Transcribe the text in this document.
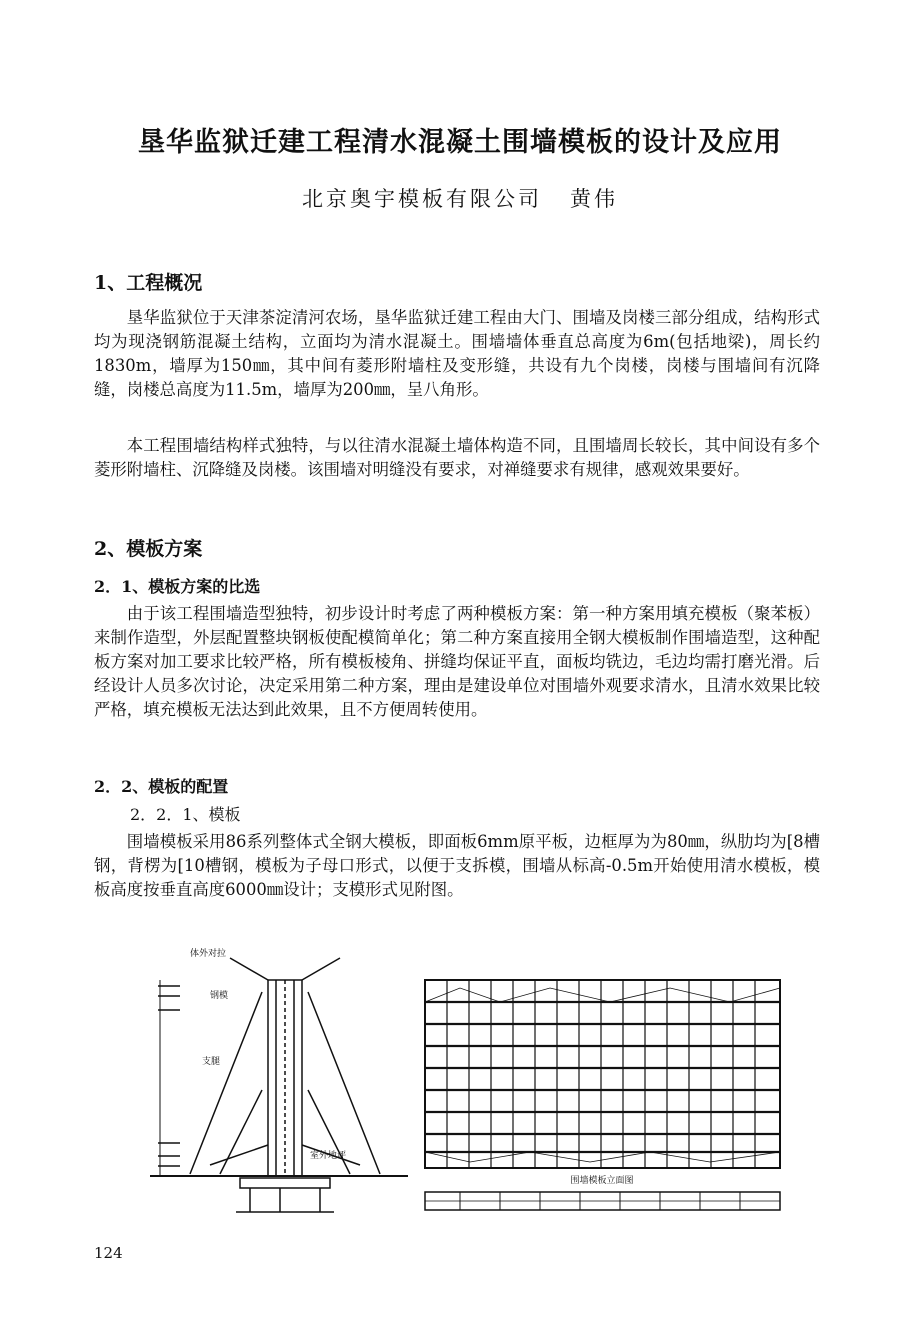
垦华监狱迁建工程清水混凝土围墙模板的设计及应用
北京奥宇模板有限公司 黄伟
1、工程概况

垦华监狱位于天津茶淀清河农场，垦华监狱迁建工程由大门、围墙及岗楼三部分组成，结构形式均为现浇钢筋混凝土结构，立面均为清水混凝土。围墙墙体垂直总高度为6m(包括地梁)，周长约1830m，墙厚为150㎜，其中间有菱形附墙柱及变形缝，共设有九个岗楼，岗楼与围墙间有沉降缝，岗楼总高度为11.5m，墙厚为200㎜，呈八角形。

本工程围墙结构样式独特，与以往清水混凝土墙体构造不同，且围墙周长较长，其中间设有多个菱形附墙柱、沉降缝及岗楼。该围墙对明缝没有要求，对禅缝要求有规律，感观效果要好。

2、模板方案
2．1、模板方案的比选

由于该工程围墙造型独特，初步设计时考虑了两种模板方案：第一种方案用填充模板（聚苯板）来制作造型，外层配置整块钢板使配模简单化；第二种方案直接用全钢大模板制作围墙造型，这种配板方案对加工要求比较严格，所有模板棱角、拼缝均保证平直，面板均铣边，毛边均需打磨光滑。后经设计人员多次讨论，决定采用第二种方案，理由是建设单位对围墙外观要求清水，且清水效果比较严格，填充模板无法达到此效果，且不方便周转使用。

2．2、模板的配置
2．2．1、模板

围墙模板采用86系列整体式全钢大模板，即面板6mm原平板，边框厚为为80㎜，纵肋均为[8槽钢，背楞为[10槽钢，模板为子母口形式，以便于支拆模，围墙从标高-0.5m开始使用清水模板，模板高度按垂直高度6000㎜设计；支模形式见附图。

体外对拉
钢模
支腿
室外地坪
围墙模板立面图
124
